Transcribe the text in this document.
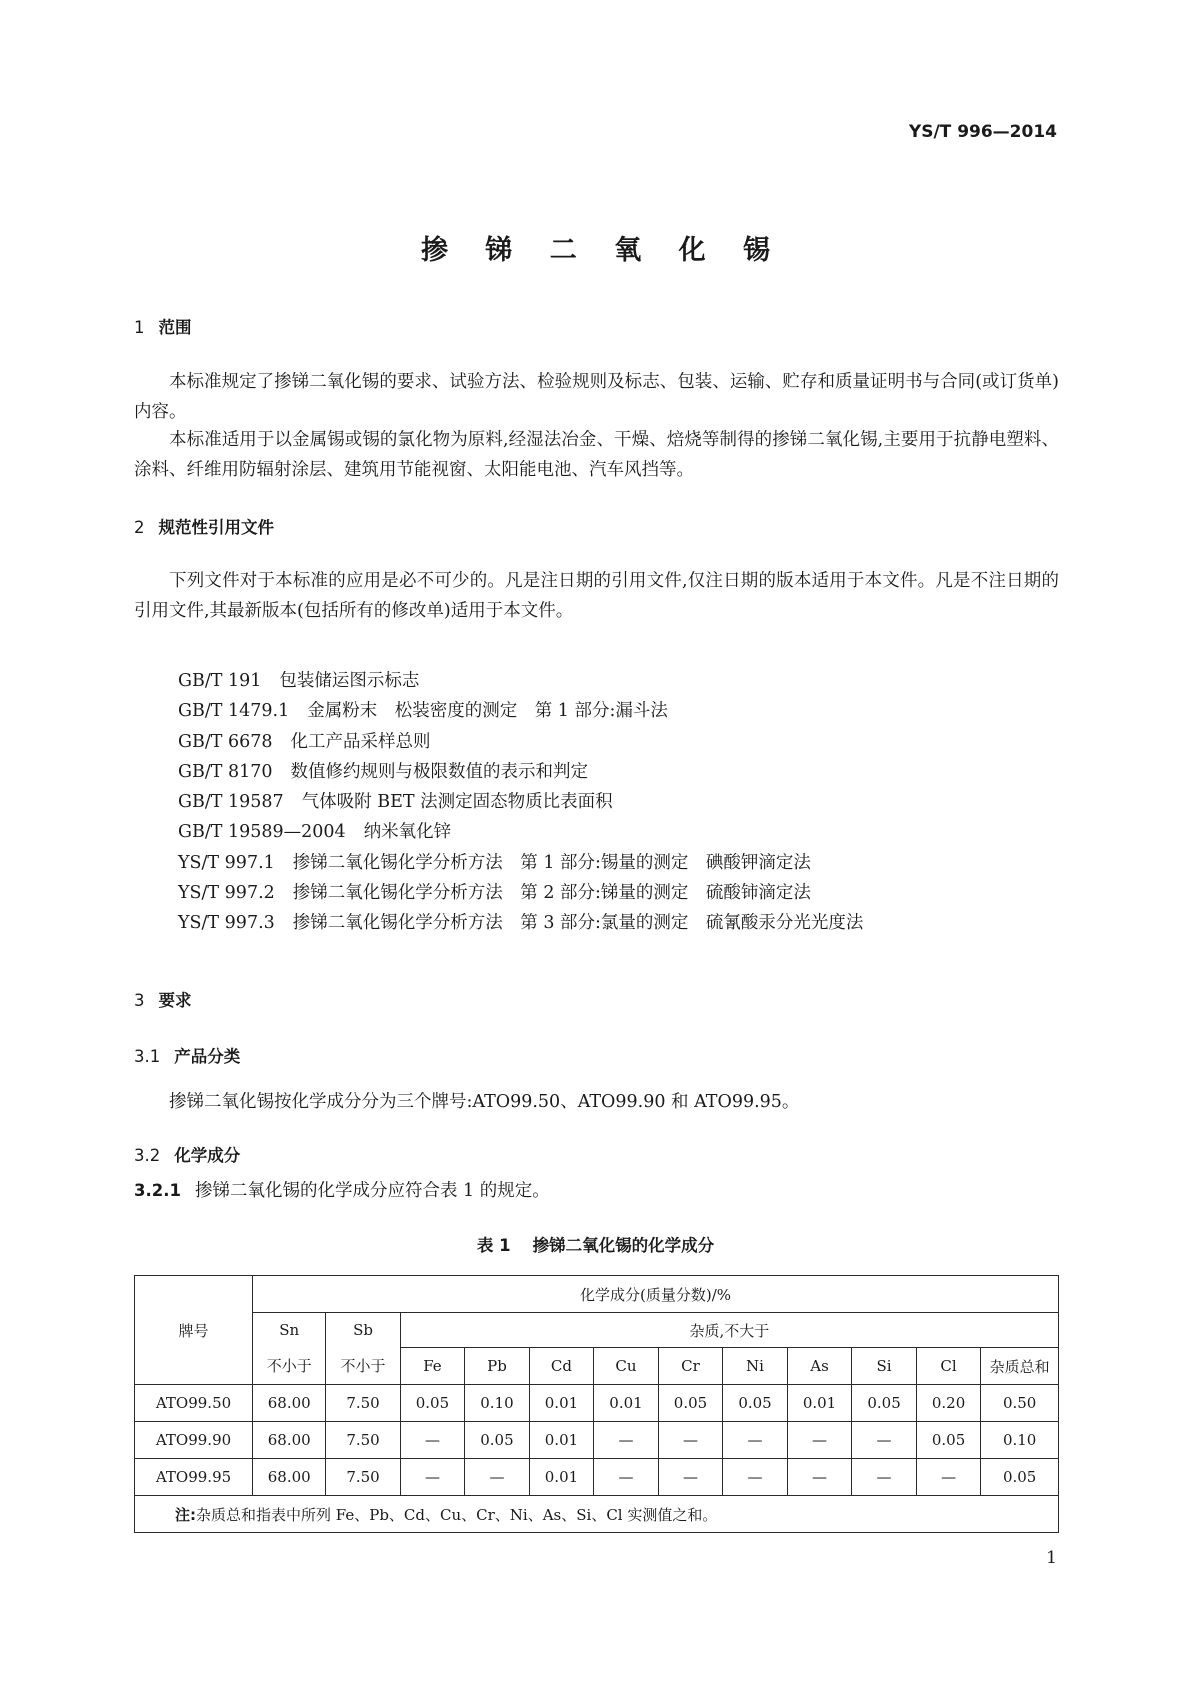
YS/T 996—2014
掺 锑 二 氧 化 锡
1 范围
本标准规定了掺锑二氧化锡的要求、试验方法、检验规则及标志、包装、运输、贮存和质量证明书与合同(或订货单)内容。
本标准适用于以金属锡或锡的氯化物为原料,经湿法冶金、干燥、焙烧等制得的掺锑二氧化锡,主要用于抗静电塑料、涂料、纤维用防辐射涂层、建筑用节能视窗、太阳能电池、汽车风挡等。
2 规范性引用文件
下列文件对于本标准的应用是必不可少的。凡是注日期的引用文件,仅注日期的版本适用于本文件。凡是不注日期的引用文件,其最新版本(包括所有的修改单)适用于本文件。
GB/T 191 包装储运图示标志
GB/T 1479.1 金属粉末　松装密度的测定　第 1 部分:漏斗法
GB/T 6678 化工产品采样总则
GB/T 8170 数值修约规则与极限数值的表示和判定
GB/T 19587 气体吸附 BET 法测定固态物质比表面积
GB/T 19589—2004 纳米氧化锌
YS/T 997.1 掺锑二氧化锡化学分析方法　第 1 部分:锡量的测定　碘酸钾滴定法
YS/T 997.2 掺锑二氧化锡化学分析方法　第 2 部分:锑量的测定　硫酸铈滴定法
YS/T 997.3 掺锑二氧化锡化学分析方法　第 3 部分:氯量的测定　硫氰酸汞分光光度法
3 要求
3.1 产品分类
掺锑二氧化锡按化学成分分为三个牌号:ATO99.50、ATO99.90 和 ATO99.95。
3.2 化学成分
3.2.1 掺锑二氧化锡的化学成分应符合表 1 的规定。
表 1 掺锑二氧化锡的化学成分
牌号	化学成分(质量分数)/%											
	Sn	Sb	杂质,不大于									
	不小于	不小于	Fe	Pb	Cd	Cu	Cr	Ni	As	Si	Cl	杂质总和
ATO99.50	68.00	7.50	0.05	0.10	0.01	0.01	0.05	0.05	0.01	0.05	0.20	0.50
ATO99.90	68.00	7.50	—	0.05	0.01	—	—	—	—	—	0.05	0.10
ATO99.95	68.00	7.50	—	—	0.01	—	—	—	—	—	—	0.05
注:杂质总和指表中所列 Fe、Pb、Cd、Cu、Cr、Ni、As、Si、Cl 实测值之和。												
1
